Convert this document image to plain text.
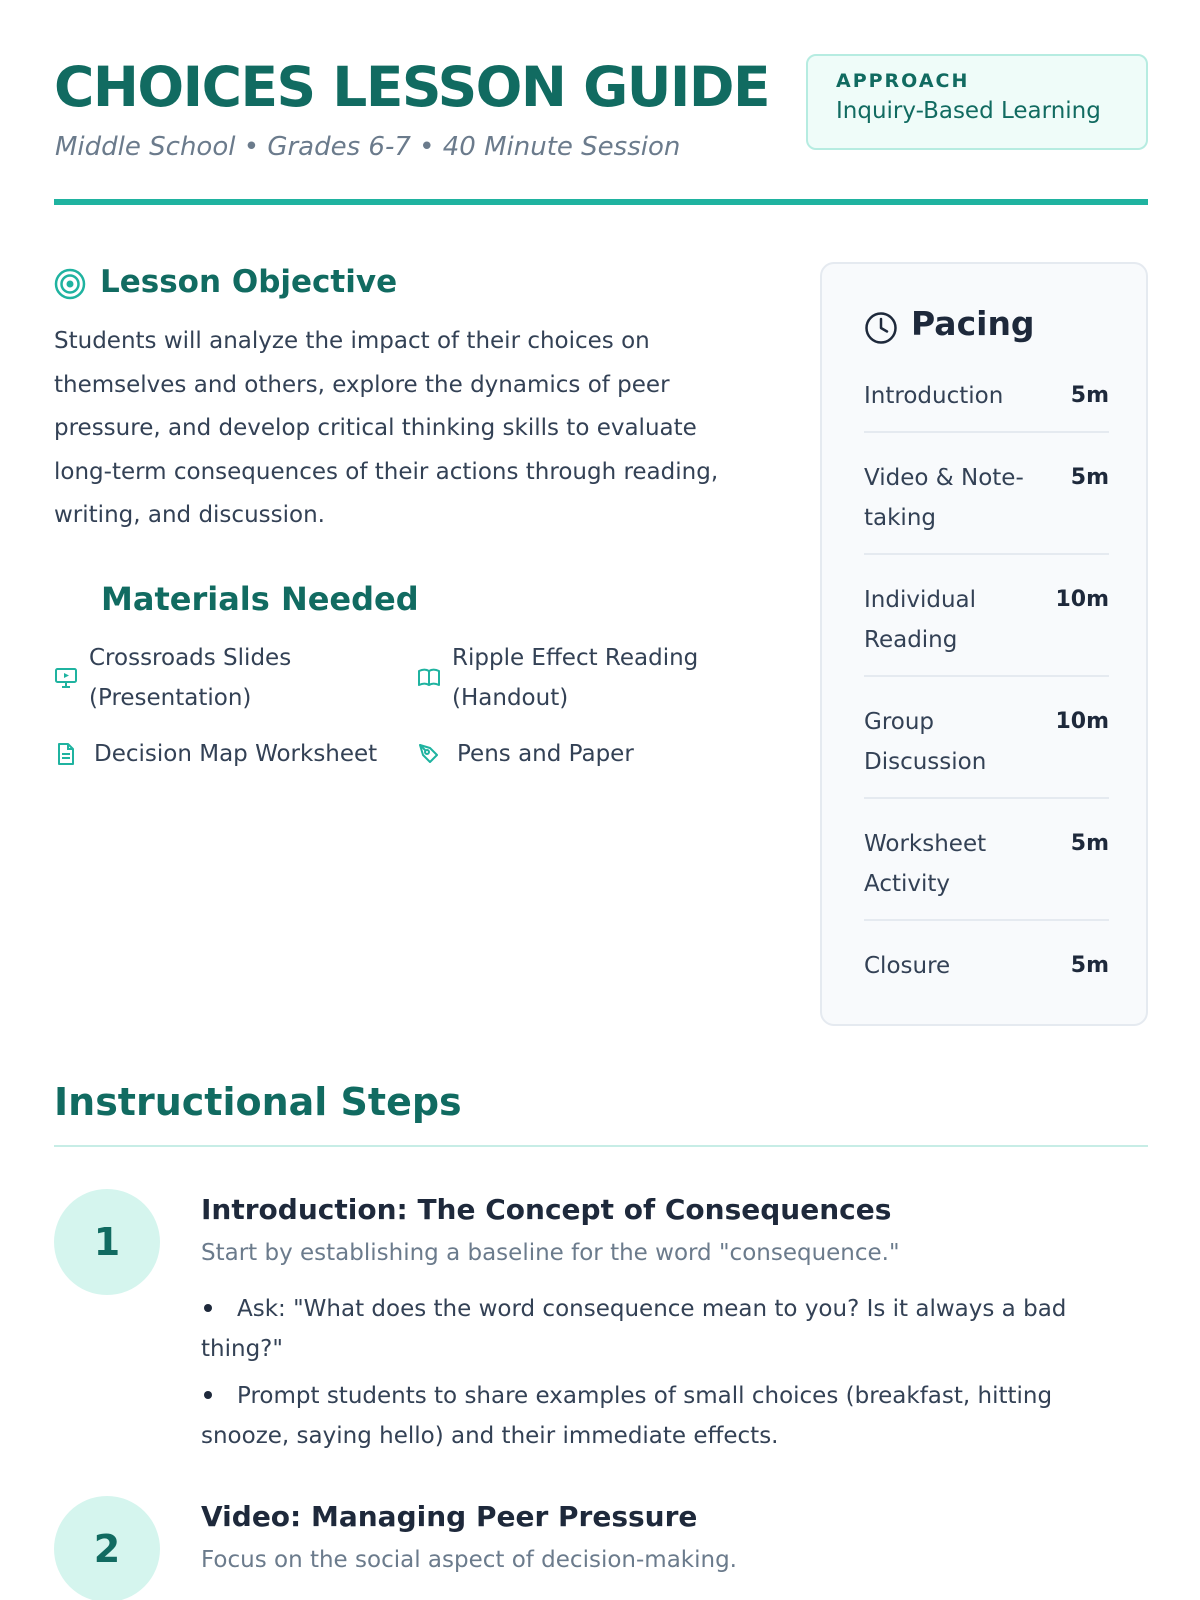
CHOICES LESSON GUIDE
Middle School • Grades 6-7 • 40 Minute Session
APPROACH
Inquiry-Based Learning
Lesson Objective
Students will analyze the impact of their choices on themselves and others, explore the dynamics of peer pressure, and develop critical thinking skills to evaluate long-term consequences of their actions through reading, writing, and discussion.
Materials Needed
Crossroads Slides (Presentation)
Ripple Effect Reading (Handout)
Decision Map Worksheet	Pens and Paper
Pacing
Introduction	5m
Video & Note-taking
5m
Individual Reading
10m
Group Discussion
10m
Worksheet Activity
5m
Closure	5m
Instructional Steps
1
Introduction: The Concept of Consequences
Start by establishing a baseline for the word "consequence."
Ask: "What does the word consequence mean to you? Is it always a bad thing?"
Prompt students to share examples of small choices (breakfast, hitting snooze, saying hello) and their immediate effects.
2
Video: Managing Peer Pressure
Focus on the social aspect of decision-making.
